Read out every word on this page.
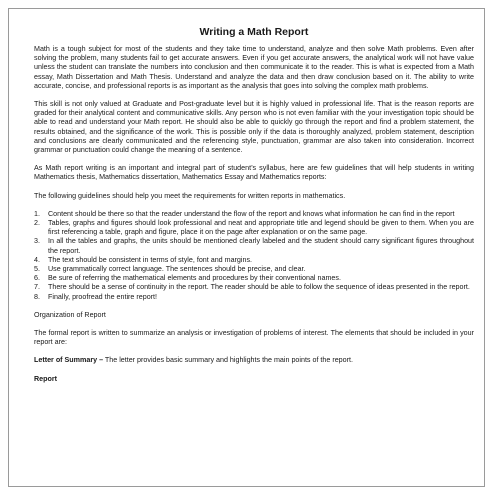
Writing a Math Report

Math is a tough subject for most of the students and they take time to understand, analyze and then solve Math problems. Even after solving the problem, many students fail to get accurate answers. Even if you get accurate answers, the analytical work will not have value unless the student can translate the numbers into conclusion and then communicate it to the reader. This is what is expected from a Math essay, Math Dissertation and Math Thesis. Understand and analyze the data and then draw conclusion based on it. The ability to write accurate, concise, and professional reports is as important as the analysis that goes into solving the complex math problems.

This skill is not only valued at Graduate and Post-graduate level but it is highly valued in professional life. That is the reason reports are graded for their analytical content and communicative skills. Any person who is not even familiar with the your investigation topic should be able to read and understand your Math report. He should also be able to quickly go through the report and find a problem statement, the results obtained, and the significance of the work. This is possible only if the data is thoroughly analyzed, problem statement, description and conclusions are clearly communicated and the referencing style, punctuation, grammar are also taken into consideration. Incorrect grammar or punctuation could change the meaning of a sentence.

As Math report writing is an important and integral part of student’s syllabus, here are few guidelines that will help students in writing Mathematics thesis, Mathematics dissertation, Mathematics Essay and Mathematics reports:

The following guidelines should help you meet the requirements for written reports in mathematics.

1.	Content should be there so that the reader understand the flow of the report and knows what information he can find in the report
2.	Tables, graphs and figures should look professional and neat and appropriate title and legend should be given to them. When you are first referencing a table, graph and figure, place it on the page after explanation or on the same page.
3.	In all the tables and graphs, the units should be mentioned clearly labeled and the student should carry significant figures throughout the report.
4.	The text should be consistent in terms of style, font and margins.
5.	Use grammatically correct language. The sentences should be precise, and clear.
6.	Be sure of referring the mathematical elements and procedures by their conventional names.
7.	There should be a sense of continuity in the report. The reader should be able to follow the sequence of ideas presented in the report.
8.	Finally, proofread the entire report!

Organization of Report

The formal report is written to summarize an analysis or investigation of problems of interest. The elements that should be included in your report are:

Letter of Summary – The letter provides basic summary and highlights the main points of the report.

Report
